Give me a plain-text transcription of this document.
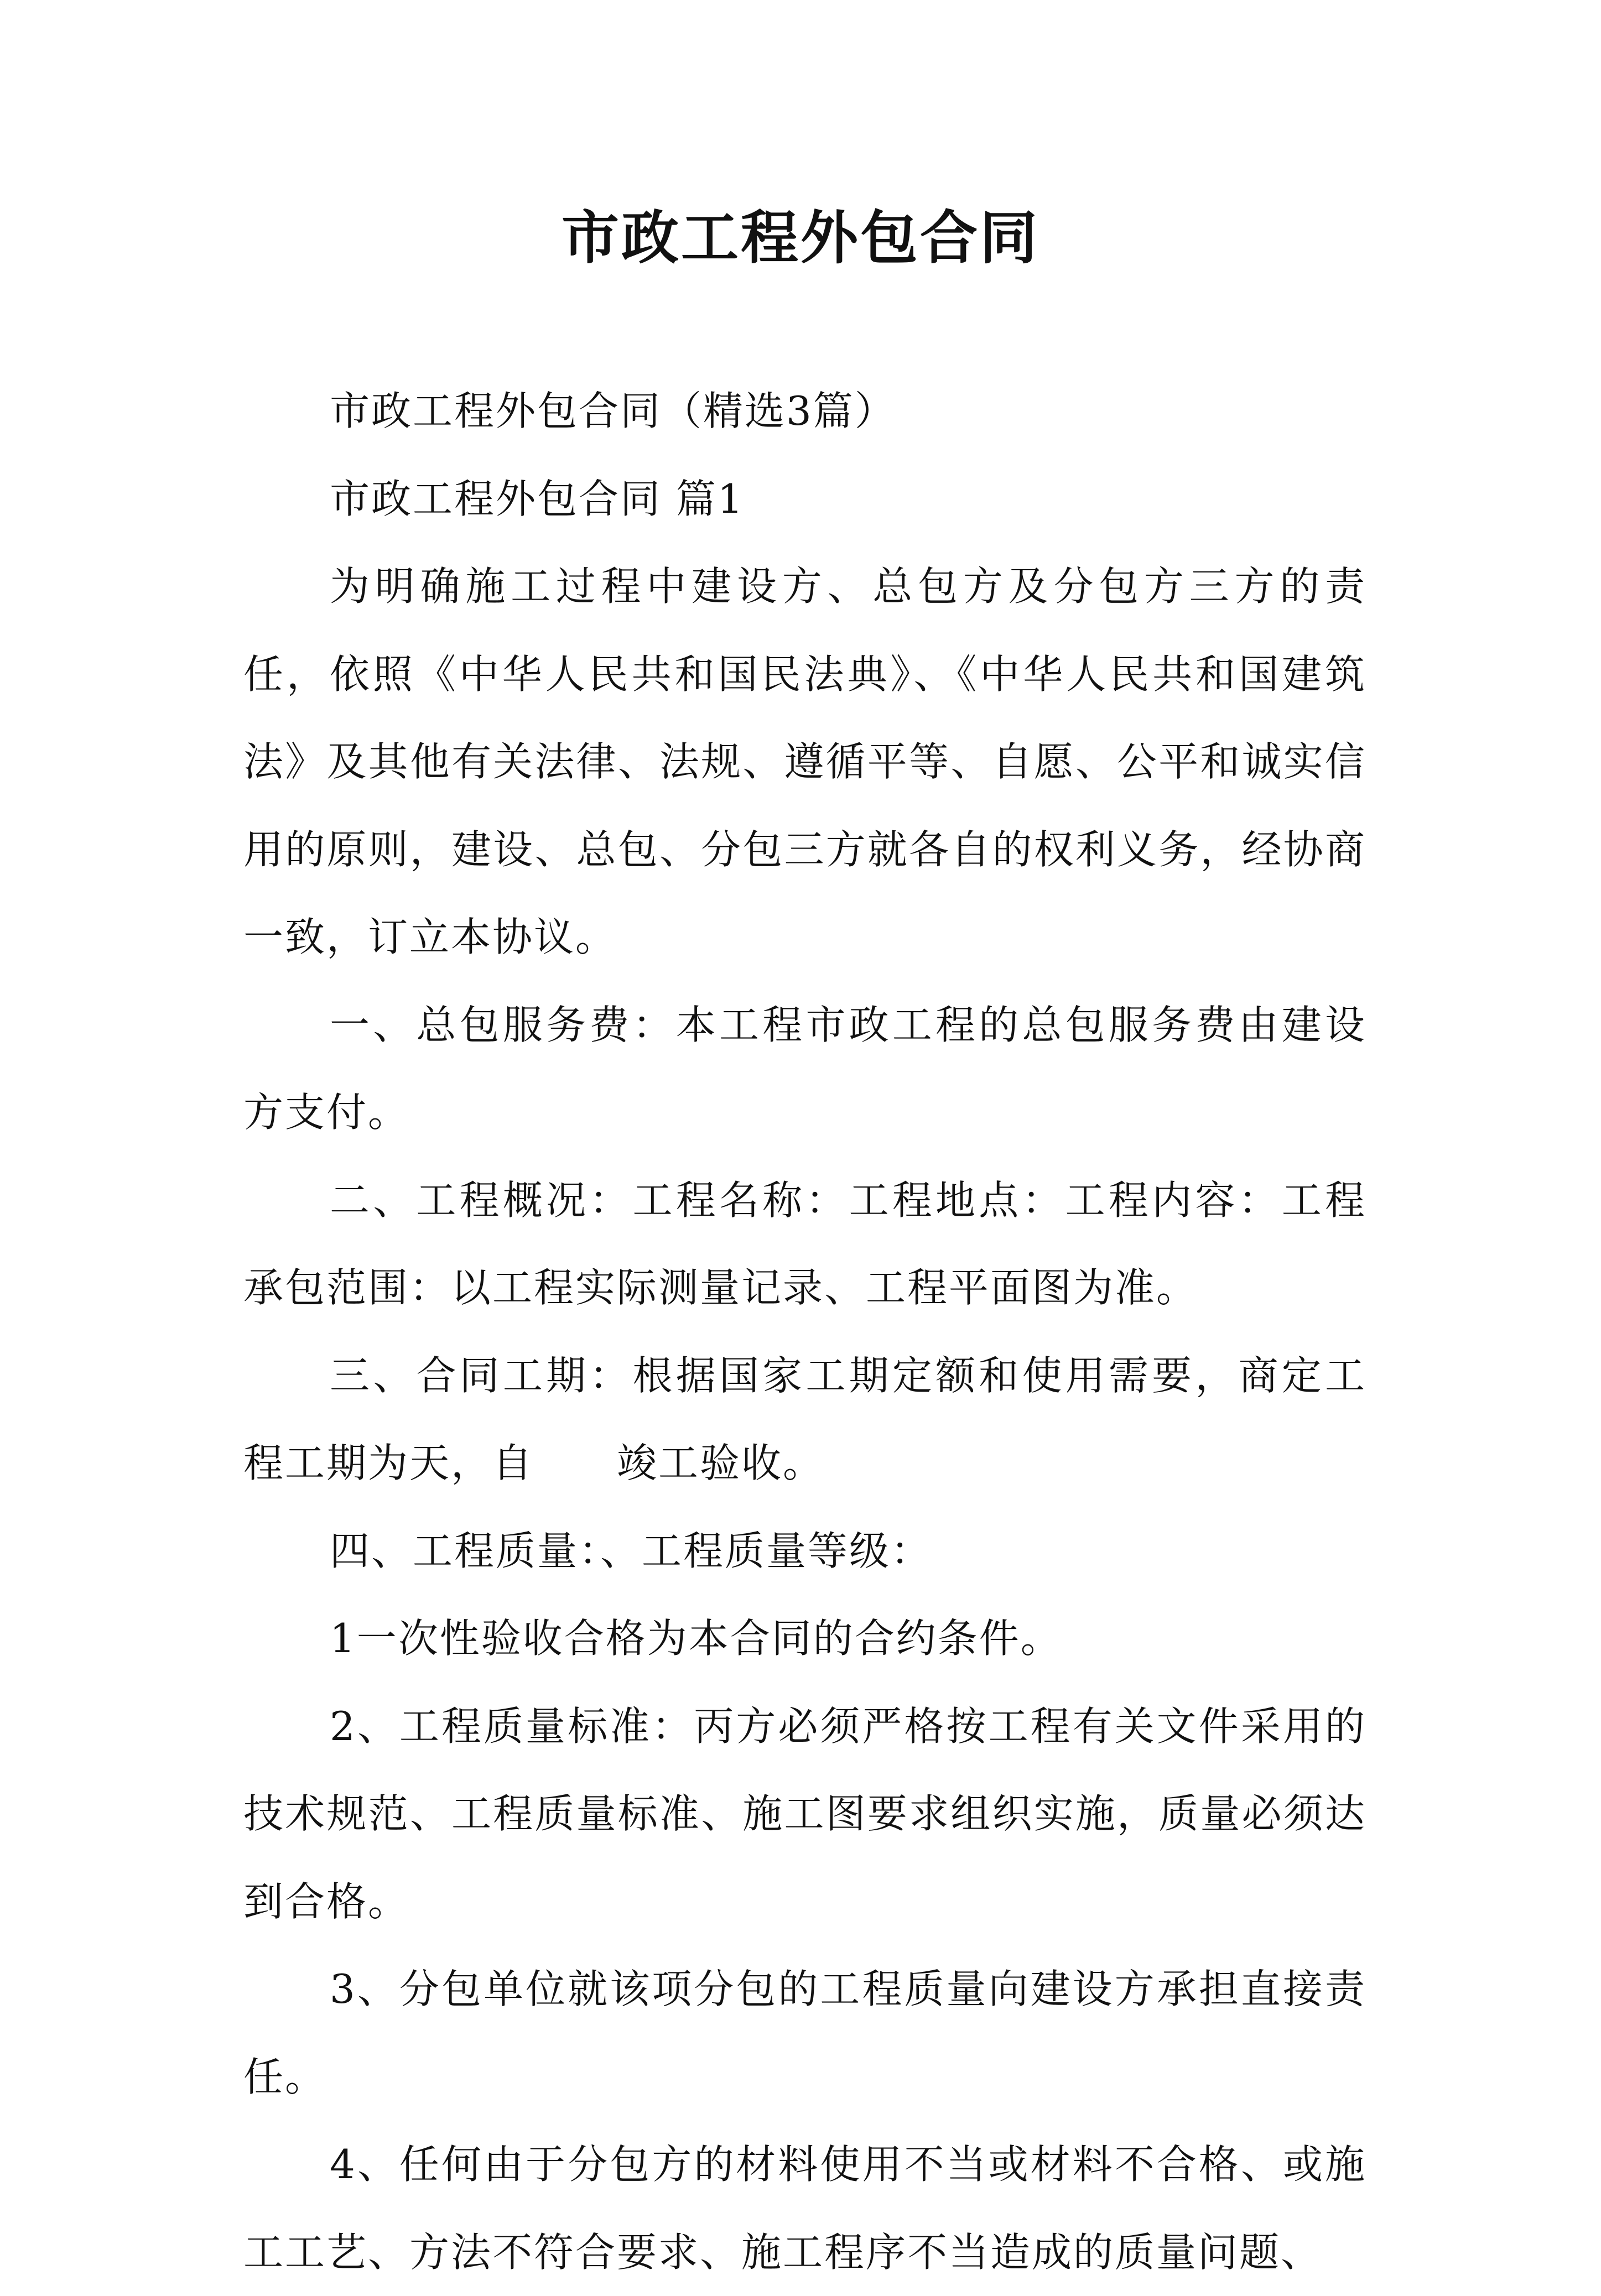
市政工程外包合同

市政工程外包合同（精选3篇）

市政工程外包合同 篇1

为明确施工过程中建设方、总包方及分包方三方的责任，依照《中华人民共和国民法典》、《中华人民共和国建筑法》及其他有关法律、法规、遵循平等、自愿、公平和诚实信用的原则，建设、总包、分包三方就各自的权利义务，经协商一致，订立本协议。

一、总包服务费：本工程市政工程的总包服务费由建设方支付。

二、工程概况：工程名称：工程地点：工程内容：工程承包范围：以工程实际测量记录、工程平面图为准。

三、合同工期：根据国家工期定额和使用需要，商定工程工期为天，自　　竣工验收。

四、工程质量：、工程质量等级：

1一次性验收合格为本合同的合约条件。

2、工程质量标准：丙方必须严格按工程有关文件采用的技术规范、工程质量标准、施工图要求组织实施，质量必须达到合格。

3、分包单位就该项分包的工程质量向建设方承担直接责任。

4、任何由于分包方的材料使用不当或材料不合格、或施工工艺、方法不符合要求、施工程序不当造成的质量问题、
